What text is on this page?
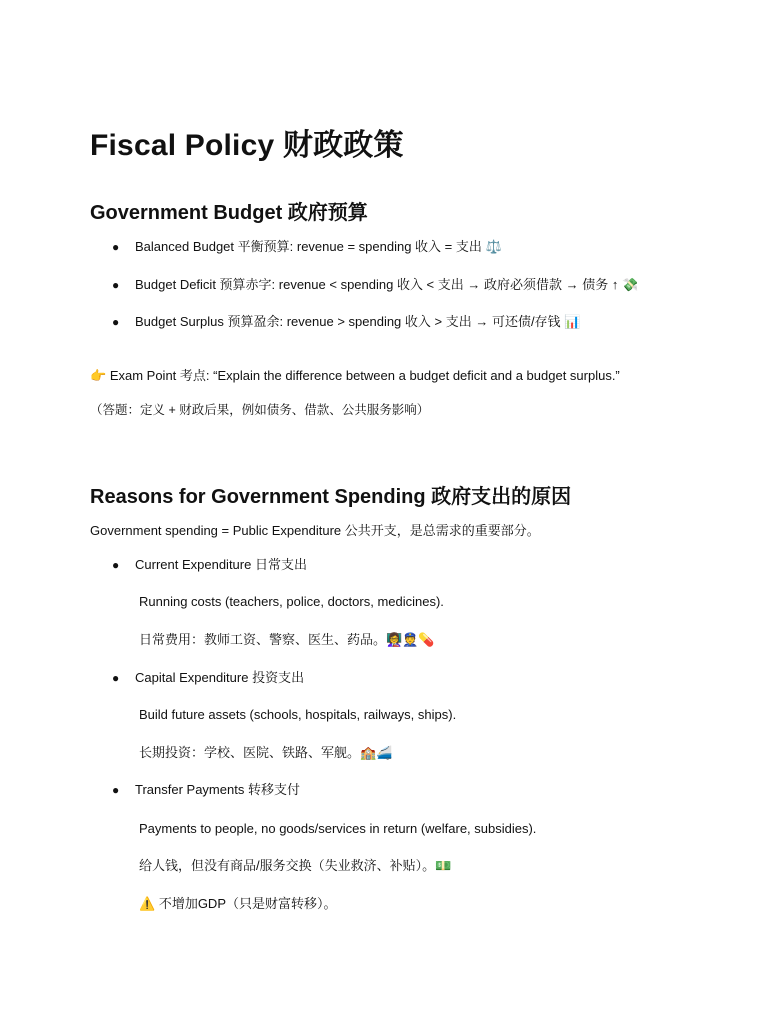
Fiscal Policy 财政政策
Government Budget 政府预算
● Balanced Budget 平衡预算: revenue = spending 收入 = 支出 ⚖️
● Budget Deficit 预算赤字: revenue < spending 收入 < 支出 → 政府必须借款 → 债务 ↑ 💸
● Budget Surplus 预算盈余: revenue > spending 收入 > 支出 → 可还债/存钱 📊
👉 Exam Point 考点: “Explain the difference between a budget deficit and a budget surplus.”
（答题：定义 + 财政后果，例如债务、借款、公共服务影响）
Reasons for Government Spending 政府支出的原因
Government spending = Public Expenditure 公共开支，是总需求的重要部分。
● Current Expenditure 日常支出
Running costs (teachers, police, doctors, medicines).
日常费用：教师工资、警察、医生、药品。👩‍🏫👮💊
● Capital Expenditure 投资支出
Build future assets (schools, hospitals, railways, ships).
长期投资：学校、医院、铁路、军舰。🏫🚄
● Transfer Payments 转移支付
Payments to people, no goods/services in return (welfare, subsidies).
给人钱，但没有商品/服务交换（失业救济、补贴）。💵
⚠️ 不增加GDP（只是财富转移）。
